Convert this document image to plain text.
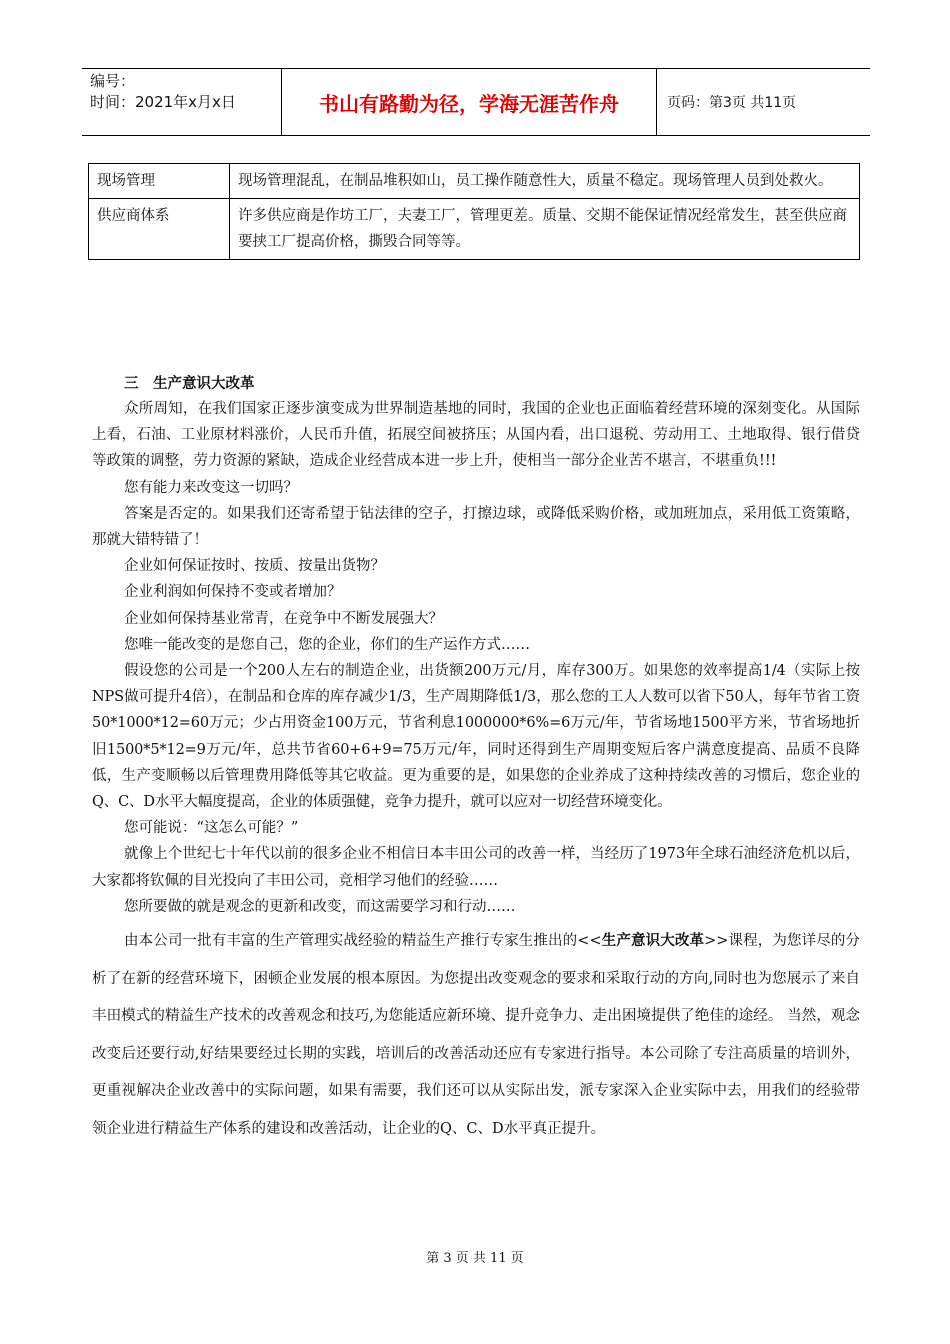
编号：
时间：2021年x月x日	书山有路勤为径，学海无涯苦作舟	页码：第3页 共11页
现场管理	现场管理混乱，在制品堆积如山，员工操作随意性大，质量不稳定。现场管理人员到处救火。
供应商体系	许多供应商是作坊工厂，夫妻工厂，管理更差。质量、交期不能保证情况经常发生，甚至供应商要挟工厂提高价格，撕毁合同等等。
三　生产意识大改革

众所周知，在我们国家正逐步演变成为世界制造基地的同时，我国的企业也正面临着经营环境的深刻变化。从国际上看，石油、工业原材料涨价，人民币升值，拓展空间被挤压；从国内看，出口退税、劳动用工、土地取得、银行借贷等政策的调整，劳力资源的紧缺，造成企业经营成本进一步上升，使相当一部分企业苦不堪言，不堪重负!!!

您有能力来改变这一切吗？

答案是否定的。如果我们还寄希望于钻法律的空子，打擦边球，或降低采购价格，或加班加点，采用低工资策略，那就大错特错了！

企业如何保证按时、按质、按量出货物？

企业利润如何保持不变或者增加？

企业如何保持基业常青，在竞争中不断发展强大？

您唯一能改变的是您自己，您的企业，你们的生产运作方式……

假设您的公司是一个200人左右的制造企业，出货额200万元/月，库存300万。如果您的效率提高1/4（实际上按NPS做可提升4倍），在制品和仓库的库存减少1/3，生产周期降低1/3，那么您的工人人数可以省下50人，每年节省工资50*1000*12=60万元；少占用资金100万元，节省利息1000000*6%=6万元/年，节省场地1500平方米，节省场地折旧1500*5*12=9万元/年，总共节省60+6+9=75万元/年，同时还得到生产周期变短后客户满意度提高、品质不良降低，生产变顺畅以后管理费用降低等其它收益。更为重要的是，如果您的企业养成了这种持续改善的习惯后，您企业的Q、C、D水平大幅度提高，企业的体质强健，竞争力提升，就可以应对一切经营环境变化。

您可能说：“这怎么可能？”

就像上个世纪七十年代以前的很多企业不相信日本丰田公司的改善一样，当经历了1973年全球石油经济危机以后，大家都将钦佩的目光投向了丰田公司，竞相学习他们的经验……

您所要做的就是观念的更新和改变，而这需要学习和行动……

由本公司一批有丰富的生产管理实战经验的精益生产推行专家生推出的<<生产意识大改革>>课程，为您详尽的分析了在新的经营环境下，困顿企业发展的根本原因。为您提出改变观念的要求和采取行动的方向,同时也为您展示了来自丰田模式的精益生产技术的改善观念和技巧,为您能适应新环境、提升竞争力、走出困境提供了绝佳的途经。 当然，观念改变后还要行动,好结果要经过长期的实践，培训后的改善活动还应有专家进行指导。本公司除了专注高质量的培训外，更重视解决企业改善中的实际问题，如果有需要，我们还可以从实际出发，派专家深入企业实际中去，用我们的经验带领企业进行精益生产体系的建设和改善活动，让企业的Q、C、D水平真正提升。

第 3 页 共 11 页
